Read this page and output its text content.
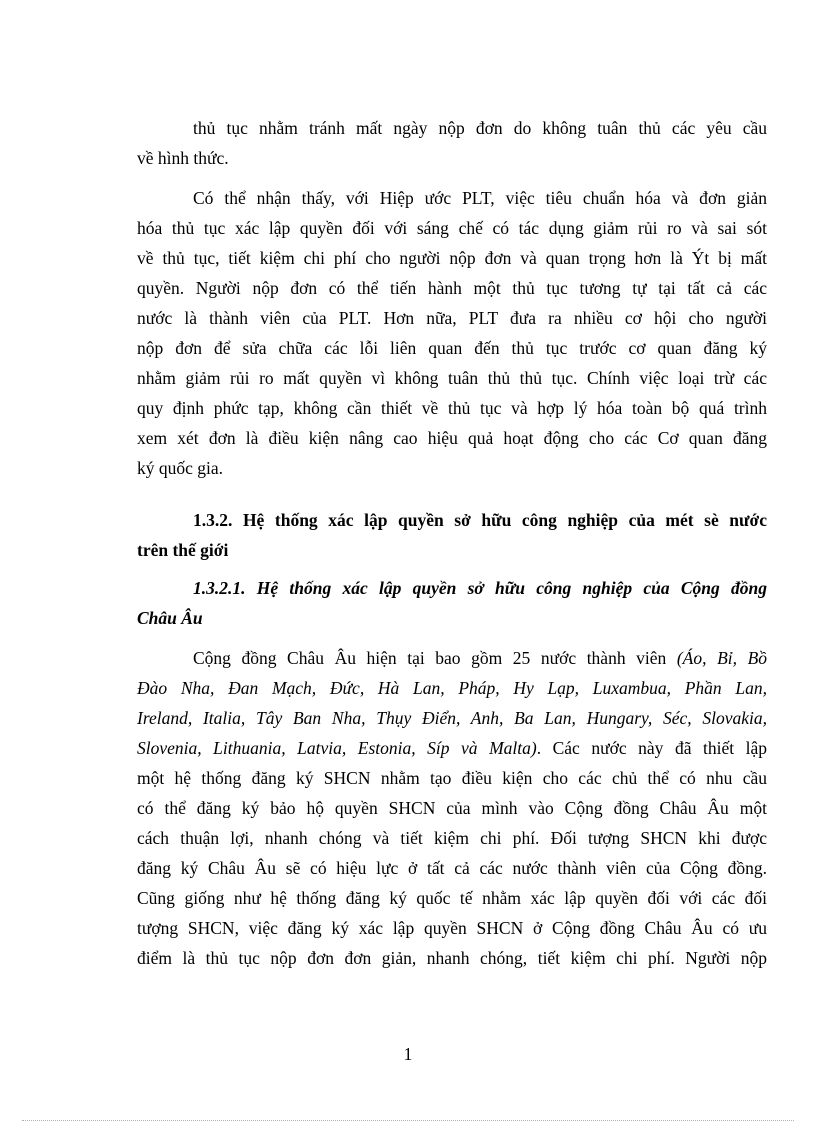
thủ tục nhằm tránh mất ngày nộp đơn do không tuân thủ các yêu cầu
về hình thức.
Có thể nhận thấy, với Hiệp ước PLT, việc tiêu chuẩn hóa và đơn giản
hóa thủ tục xác lập quyền đối với sáng chế có tác dụng giảm rủi ro và sai sót
về thủ tục, tiết kiệm chi phí cho người nộp đơn và quan trọng hơn là Ýt bị mất
quyền. Người nộp đơn có thể tiến hành một thủ tục tương tự tại tất cả các
nước là thành viên của PLT. Hơn nữa, PLT đưa ra nhiều cơ hội cho người
nộp đơn để sửa chữa các lỗi liên quan đến thủ tục trước cơ quan đăng ký
nhằm giảm rủi ro mất quyền vì không tuân thủ thủ tục. Chính việc loại trừ các
quy định phức tạp, không cần thiết về thủ tục và hợp lý hóa toàn bộ quá trình
xem xét đơn là điều kiện nâng cao hiệu quả hoạt động cho các Cơ quan đăng
ký quốc gia.
1.3.2. Hệ thống xác lập quyền sở hữu công nghiệp của mét sè nước
trên thế giới
1.3.2.1. Hệ thống xác lập quyền sở hữu công nghiệp của Cộng đồng
Châu Âu
Cộng đồng Châu Âu hiện tại bao gồm 25 nước thành viên (Áo, Bỉ, Bồ
Đào Nha, Đan Mạch, Đức, Hà Lan, Pháp, Hy Lạp, Luxambua, Phần Lan,
Ireland, Italia, Tây Ban Nha, Thụy Điển, Anh, Ba Lan, Hungary, Séc, Slovakia,
Slovenia, Lithuania, Latvia, Estonia, Síp và Malta). Các nước này đã thiết lập
một hệ thống đăng ký SHCN nhằm tạo điều kiện cho các chủ thể có nhu cầu
có thể đăng ký bảo hộ quyền SHCN của mình vào Cộng đồng Châu Âu một
cách thuận lợi, nhanh chóng và tiết kiệm chi phí. Đối tượng SHCN khi được
đăng ký Châu Âu sẽ có hiệu lực ở tất cả các nước thành viên của Cộng đồng.
Cũng giống như hệ thống đăng ký quốc tế nhằm xác lập quyền đối với các đối
tượng SHCN, việc đăng ký xác lập quyền SHCN ở Cộng đồng Châu Âu có ưu
điểm là thủ tục nộp đơn đơn giản, nhanh chóng, tiết kiệm chi phí. Người nộp
1
